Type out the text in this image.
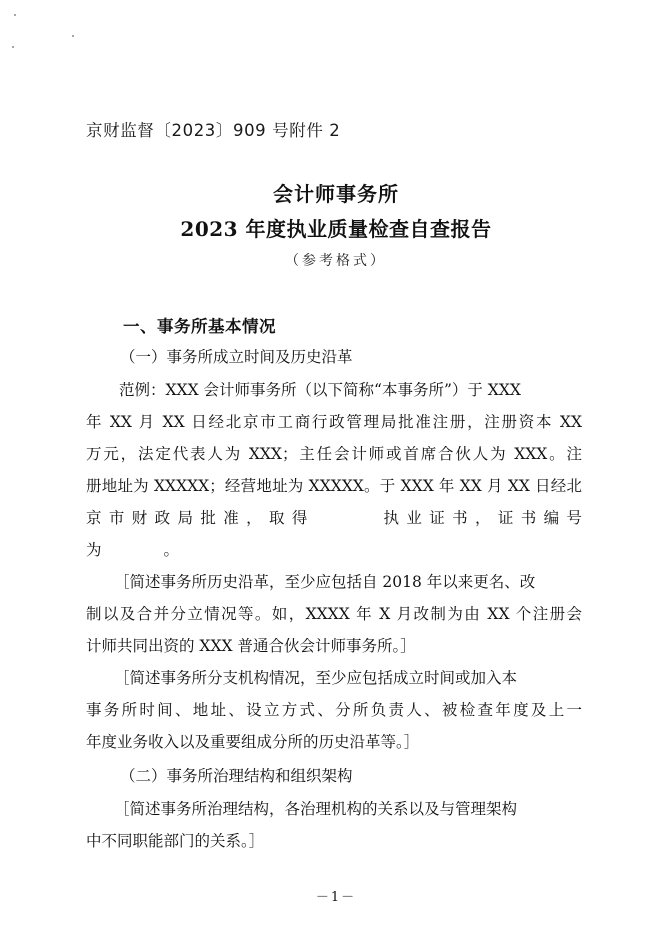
京财监督〔2023〕909 号附件 2
会计师事务所
2023 年度执业质量检查自查报告
（参考格式）
一、事务所基本情况
（一）事务所成立时间及历史沿革
范例：XXX 会计师事务所（以下简称“本事务所”）于 XXX
年 XX 月 XX 日经北京市工商行政管理局批准注册，注册资本 XX
万元，法定代表人为 XXX；主任会计师或首席合伙人为 XXX。注
册地址为 XXXXX；经营地址为 XXXXX。于 XXX 年 XX 月 XX 日经北
京市财政局批准，取得　　　执业证书，证书编号
为　　　　。
［简述事务所历史沿革，至少应包括自 2018 年以来更名、改
制以及合并分立情况等。如，XXXX 年 X 月改制为由 XX 个注册会
计师共同出资的 XXX 普通合伙会计师事务所。］
［简述事务所分支机构情况，至少应包括成立时间或加入本
事务所时间、地址、设立方式、分所负责人、被检查年度及上一
年度业务收入以及重要组成分所的历史沿革等。］
（二）事务所治理结构和组织架构
［简述事务所治理结构，各治理机构的关系以及与管理架构
中不同职能部门的关系。］
－1－
